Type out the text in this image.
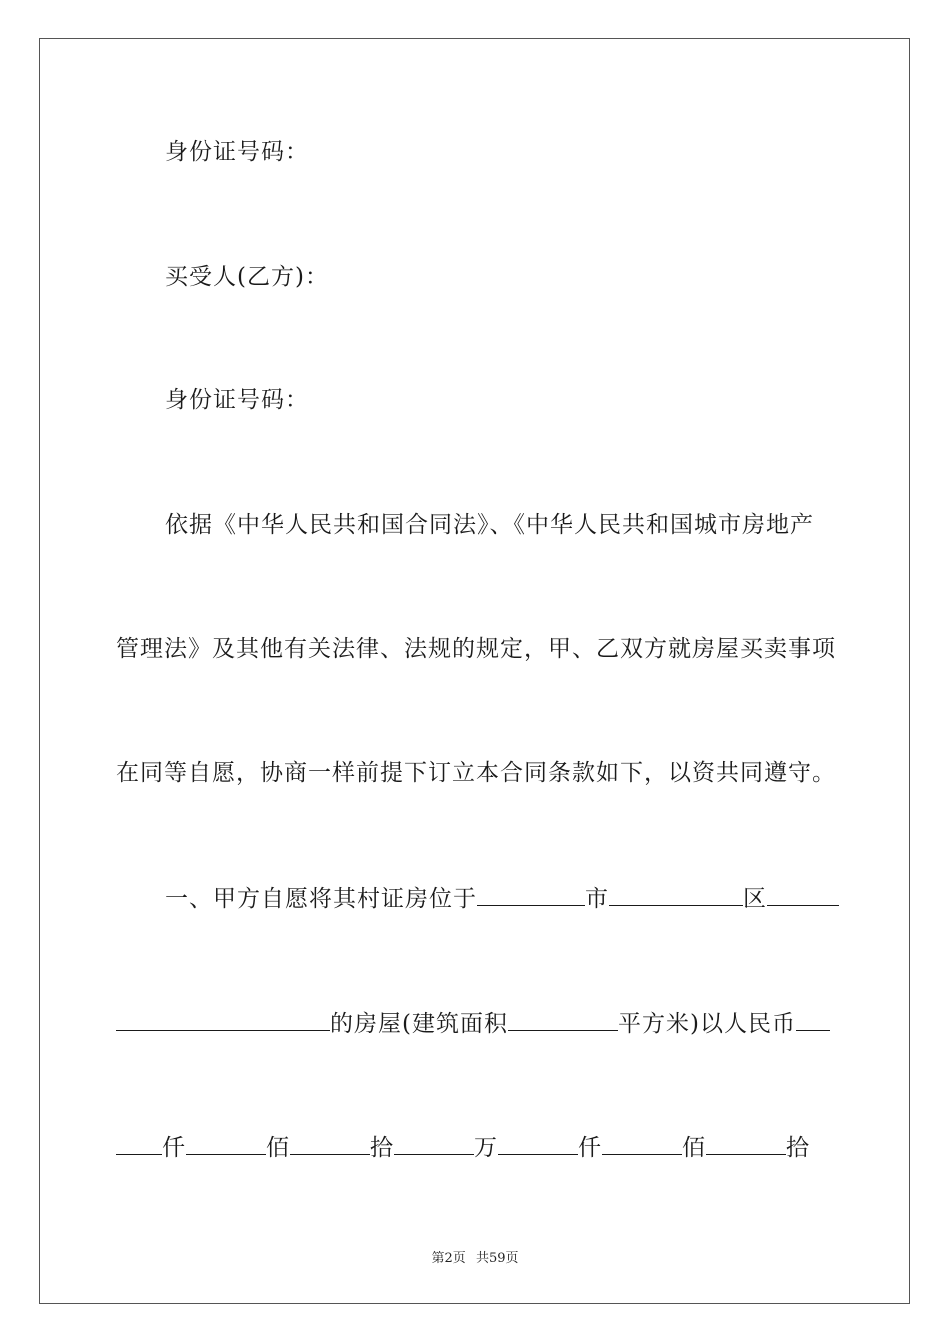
身份证号码：
买受人(乙方)：
身份证号码：
依据《中华人民共和国合同法》、《中华人民共和国城市房地产
管理法》及其他有关法律、法规的规定，甲、乙双方就房屋买卖事项
在同等自愿，协商一样前提下订立本合同条款如下，以资共同遵守。
一、甲方自愿将其村证房位于	市	区
的房屋(建筑面积	平方米)以人民币
仟	佰	拾	万	仟	佰	拾
第2页 共59页
